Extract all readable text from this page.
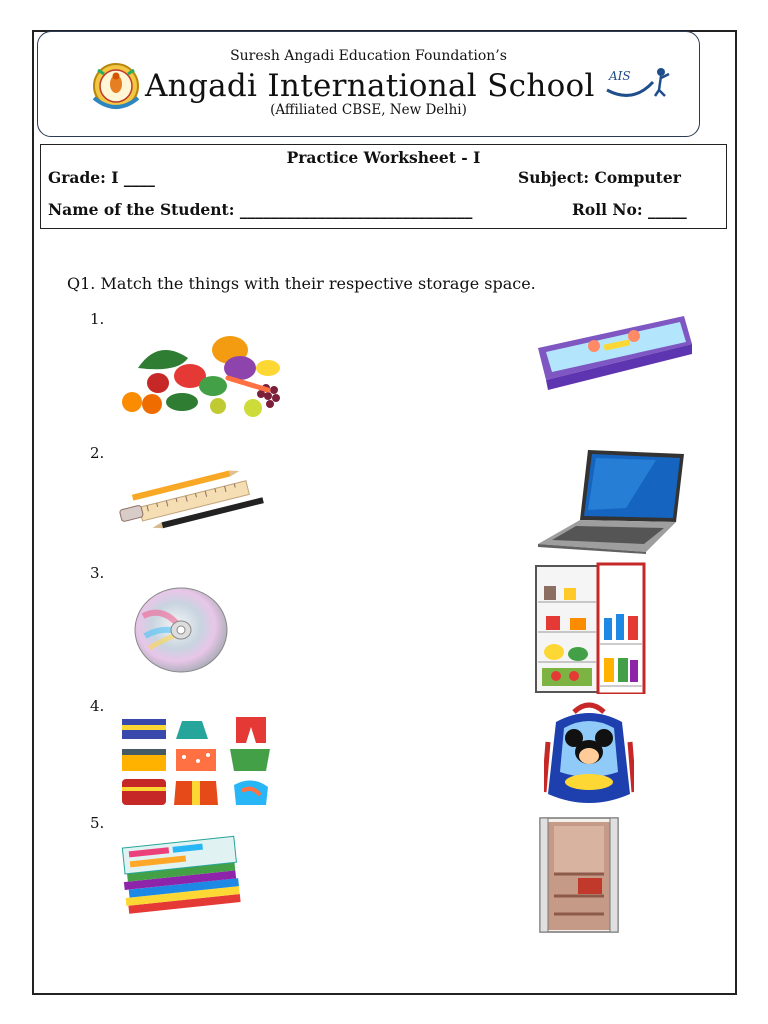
Suresh Angadi Education Foundation’s
Angadi International School AIS
(Affiliated CBSE, New Delhi)
Practice Worksheet - I
Grade: I ____	Subject: Computer
Name of the Student: ______________________________	Roll No: _____
Q1. Match the things with their respective storage space.
1.
2.
3.
4.
5.
